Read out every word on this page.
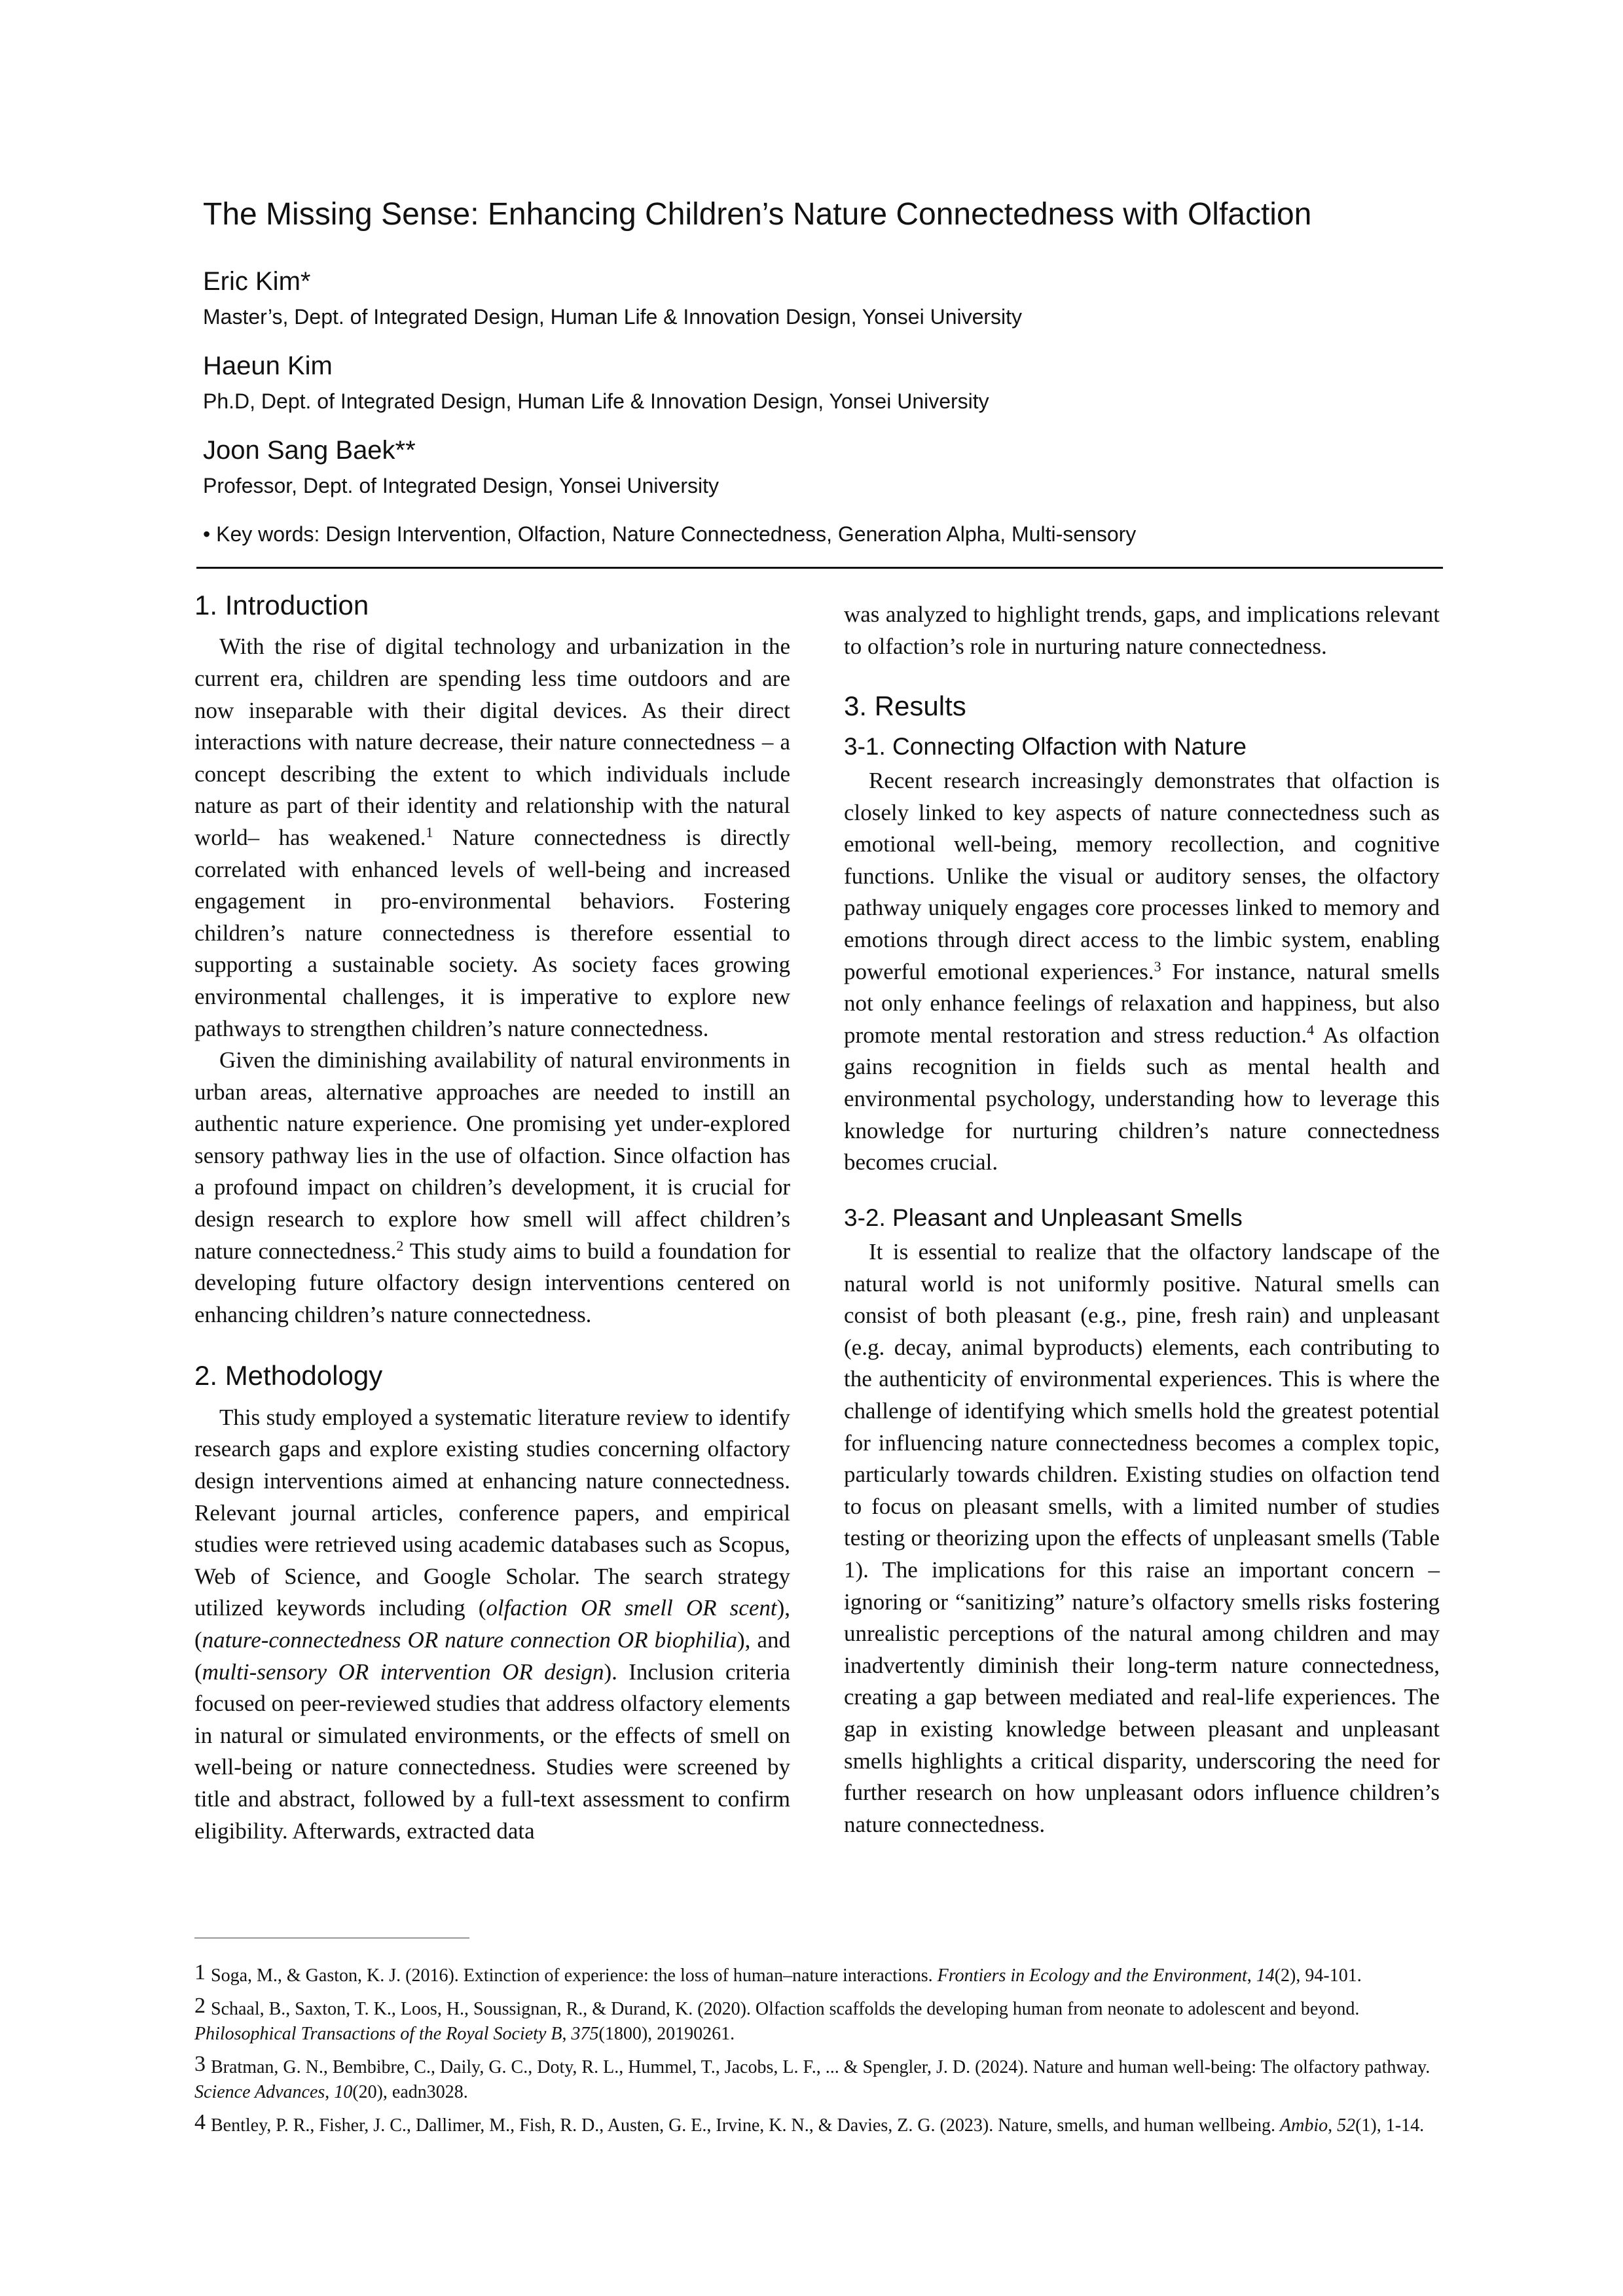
The Missing Sense: Enhancing Children’s Nature Connectedness with Olfaction
Eric Kim*
Master’s, Dept. of Integrated Design, Human Life & Innovation Design, Yonsei University
Haeun Kim
Ph.D, Dept. of Integrated Design, Human Life & Innovation Design, Yonsei University
Joon Sang Baek**
Professor, Dept. of Integrated Design, Yonsei University
• Key words: Design Intervention, Olfaction, Nature Connectedness, Generation Alpha, Multi-sensory
1. Introduction

With the rise of digital technology and urbanization in the current era, children are spending less time outdoors and are now inseparable with their digital devices. As their direct interactions with nature decrease, their nature connectedness – a concept describing the extent to which individuals include nature as part of their identity and relationship with the natural world– has weakened.$^1$ Nature connectedness is directly correlated with enhanced levels of well-being and increased engagement in pro-environmental behaviors. Fostering children’s nature connectedness is therefore essential to supporting a sustainable society. As society faces growing environmental challenges, it is imperative to explore new pathways to strengthen children’s nature connectedness.

Given the diminishing availability of natural environments in urban areas, alternative approaches are needed to instill an authentic nature experience. One promising yet under-explored sensory pathway lies in the use of olfaction. Since olfaction has a profound impact on children’s development, it is crucial for design research to explore how smell will affect children’s nature connectedness.$^2$ This study aims to build a foundation for developing future olfactory design interventions centered on enhancing children’s nature connectedness.

2. Methodology

This study employed a systematic literature review to identify research gaps and explore existing studies concerning olfactory design interventions aimed at enhancing nature connectedness. Relevant journal articles, conference papers, and empirical studies were retrieved using academic databases such as Scopus, Web of Science, and Google Scholar. The search strategy utilized keywords including (olfaction OR smell OR scent), (nature-connectedness OR nature connection OR biophilia), and (multi-sensory OR intervention OR design). Inclusion criteria focused on peer-reviewed studies that address olfactory elements in natural or simulated environments, or the effects of smell on well-being or nature connectedness. Studies were screened by title and abstract, followed by a full-text assessment to confirm eligibility. Afterwards, extracted data

was analyzed to highlight trends, gaps, and implications relevant to olfaction’s role in nurturing nature connectedness.

3. Results
3-1. Connecting Olfaction with Nature

Recent research increasingly demonstrates that olfaction is closely linked to key aspects of nature connectedness such as emotional well-being, memory recollection, and cognitive functions. Unlike the visual or auditory senses, the olfactory pathway uniquely engages core processes linked to memory and emotions through direct access to the limbic system, enabling powerful emotional experiences.$^3$ For instance, natural smells not only enhance feelings of relaxation and happiness, but also promote mental restoration and stress reduction.$^4$ As olfaction gains recognition in fields such as mental health and environmental psychology, understanding how to leverage this knowledge for nurturing children’s nature connectedness becomes crucial.

3-2. Pleasant and Unpleasant Smells

It is essential to realize that the olfactory landscape of the natural world is not uniformly positive. Natural smells can consist of both pleasant (e.g., pine, fresh rain) and unpleasant (e.g. decay, animal byproducts) elements, each contributing to the authenticity of environmental experiences. This is where the challenge of identifying which smells hold the greatest potential for influencing nature connectedness becomes a complex topic, particularly towards children. Existing studies on olfaction tend to focus on pleasant smells, with a limited number of studies testing or theorizing upon the effects of unpleasant smells (Table 1). The implications for this raise an important concern – ignoring or “sanitizing” nature’s olfactory smells risks fostering unrealistic perceptions of the natural among children and may inadvertently diminish their long-term nature connectedness, creating a gap between mediated and real-life experiences. The gap in existing knowledge between pleasant and unpleasant smells highlights a critical disparity, underscoring the need for further research on how unpleasant odors influence children’s nature connectedness.

1 Soga, M., & Gaston, K. J. (2016). Extinction of experience: the loss of human–nature interactions. Frontiers in Ecology and the Environment, 14(2), 94-101.

2 Schaal, B., Saxton, T. K., Loos, H., Soussignan, R., & Durand, K. (2020). Olfaction scaffolds the developing human from neonate to adolescent and beyond. Philosophical Transactions of the Royal Society B, 375(1800), 20190261.

3 Bratman, G. N., Bembibre, C., Daily, G. C., Doty, R. L., Hummel, T., Jacobs, L. F., ... & Spengler, J. D. (2024). Nature and human well-being: The olfactory pathway. Science Advances, 10(20), eadn3028.

4 Bentley, P. R., Fisher, J. C., Dallimer, M., Fish, R. D., Austen, G. E., Irvine, K. N., & Davies, Z. G. (2023). Nature, smells, and human wellbeing. Ambio, 52(1), 1-14.
